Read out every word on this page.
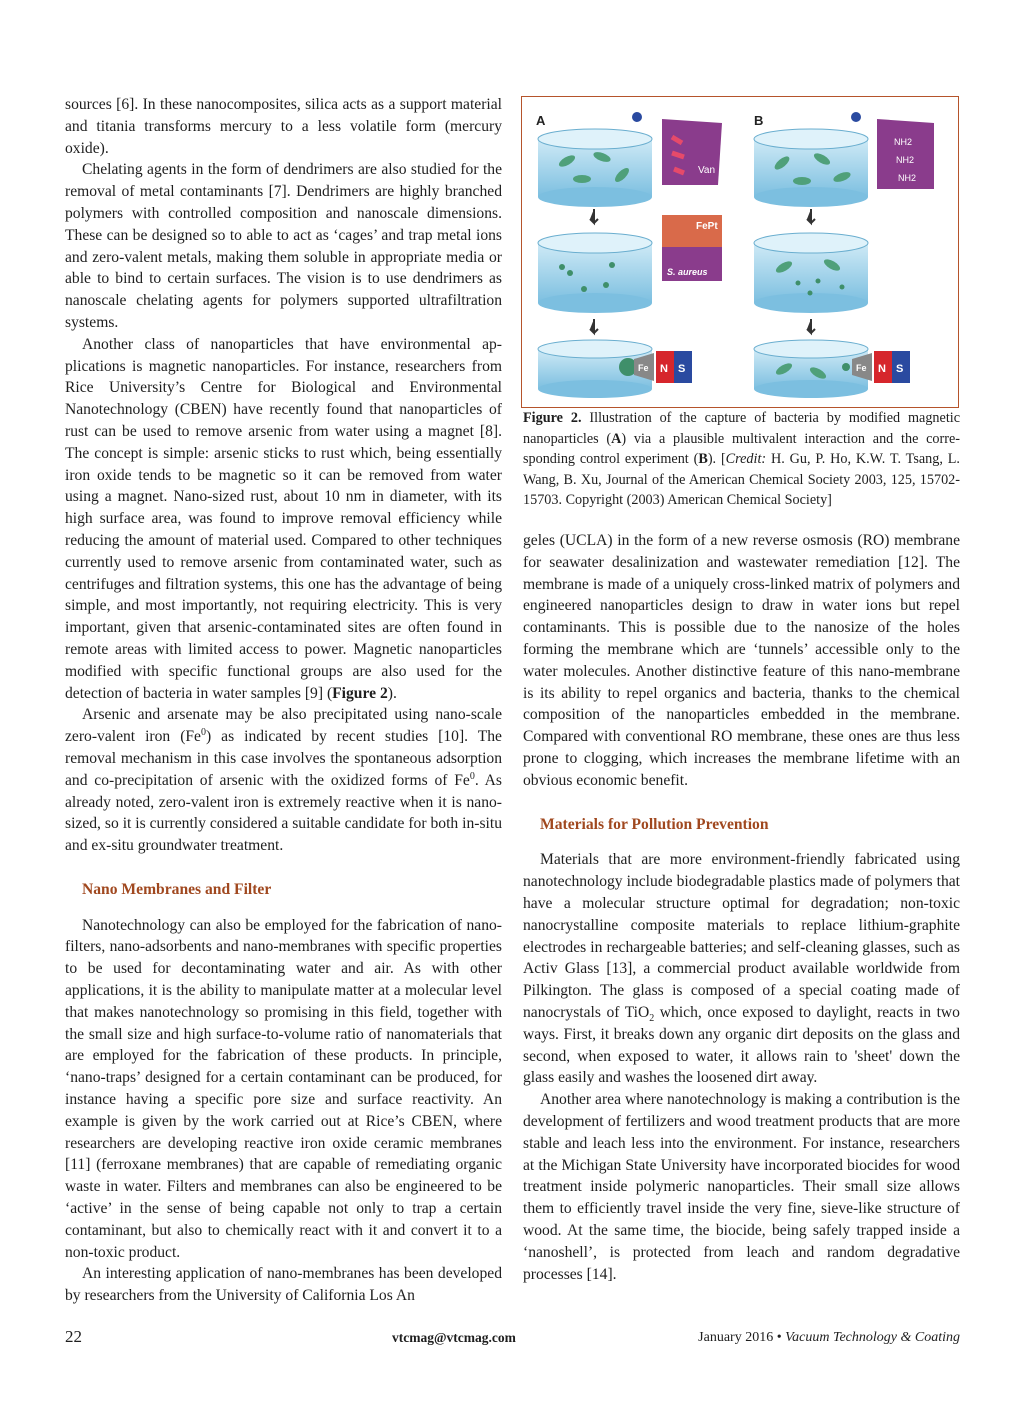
sources [6]. In these nanocomposites, silica acts as a support material and titania transforms mercury to a less volatile form (mercury oxide).

Chelating agents in the form of dendrimers are also studied for the removal of metal contaminants [7]. Dendrimers are highly branched polymers with controlled composition and nanoscale dimensions. These can be designed so to able to act as ‘cages’ and trap metal ions and zero-valent metals, making them soluble in appropriate media or able to bind to certain surfaces. The vision is to use dendrimers as nanoscale chelating agents for polymers supported ultrafiltration systems.

Another class of nanoparticles that have environmental applications is magnetic nanoparticles. For instance, researchers from Rice University’s Centre for Biological and Environmental Nanotechnology (CBEN) have recently found that nanoparticles of rust can be used to remove arsenic from water using a magnet [8]. The concept is simple: arsenic sticks to rust which, being essentially iron oxide tends to be magnetic so it can be removed from water using a magnet. Nano-sized rust, about 10 nm in diameter, with its high surface area, was found to improve removal efficiency while reducing the amount of material used. Compared to other techniques currently used to remove arsenic from contaminated water, such as centrifuges and filtration systems, this one has the advantage of being simple, and most importantly, not requiring electricity. This is very important, given that arsenic-contaminated sites are often found in remote areas with limited access to power. Magnetic nanoparticles modified with specific functional groups are also used for the detection of bacteria in water samples [9] (Figure 2).

Arsenic and arsenate may be also precipitated using nano-scale zero-valent iron (Fe$^0$) as indicated by recent studies [10]. The removal mechanism in this case involves the spontaneous adsorption and co-precipitation of arsenic with the oxidized forms of Fe$^0$. As already noted, zero-valent iron is extremely reactive when it is nano-sized, so it is currently considered a suitable candidate for both in-situ and ex-situ groundwater treatment.

Nano Membranes and Filter

Nanotechnology can also be employed for the fabrication of nano-filters, nano-adsorbents and nano-membranes with specific properties to be used for decontaminating water and air. As with other applications, it is the ability to manipulate matter at a molecular level that makes nanotechnology so promising in this field, together with the small size and high surface-to-volume ratio of nanomaterials that are employed for the fabrication of these products. In principle, ‘nano-traps’ designed for a certain contaminant can be produced, for instance having a specific pore size and surface reactivity. An example is given by the work carried out at Rice’s CBEN, where researchers are developing reactive iron oxide ceramic membranes [11] (ferroxane membranes) that are capable of remediating organic waste in water. Filters and membranes can also be engineered to be ‘active’ in the sense of being capable not only to trap a certain contaminant, but also to chemically react with it and convert it to a non-toxic product.

An interesting application of nano-membranes has been developed by researchers from the University of California Los An

A	B
Van
NH2
NH2
NH2
FePt
S. aureus
Fe N S	Fe N S
Figure 2. Illustration of the capture of bacteria by modified magnetic nanoparticles (A) via a plausible multivalent interaction and the corresponding control experiment (B). [Credit: H. Gu, P. Ho, K.W. T. Tsang, L. Wang, B. Xu, Journal of the American Chemical Society 2003, 125, 15702-15703. Copyright (2003) American Chemical Society]

geles (UCLA) in the form of a new reverse osmosis (RO) membrane for seawater desalinization and wastewater remediation [12]. The membrane is made of a uniquely cross-linked matrix of polymers and engineered nanoparticles design to draw in water ions but repel contaminants. This is possible due to the nanosize of the holes forming the membrane which are ‘tunnels’ accessible only to the water molecules. Another distinctive feature of this nano-membrane is its ability to repel organics and bacteria, thanks to the chemical composition of the nanoparticles embedded in the membrane. Compared with conventional RO membrane, these ones are thus less prone to clogging, which increases the membrane lifetime with an obvious economic benefit.

Materials for Pollution Prevention

Materials that are more environment-friendly fabricated using nanotechnology include biodegradable plastics made of polymers that have a molecular structure optimal for degradation; non-toxic nanocrystalline composite materials to replace lithium-graphite electrodes in rechargeable batteries; and self-cleaning glasses, such as Activ Glass [13], a commercial product available worldwide from Pilkington. The glass is composed of a special coating made of nanocrystals of TiO$_2$ which, once exposed to daylight, reacts in two ways. First, it breaks down any organic dirt deposits on the glass and second, when exposed to water, it allows rain to 'sheet' down the glass easily and washes the loosened dirt away.

Another area where nanotechnology is making a contribution is the development of fertilizers and wood treatment products that are more stable and leach less into the environment. For instance, researchers at the Michigan State University have incorporated biocides for wood treatment inside polymeric nanoparticles. Their small size allows them to efficiently travel inside the very fine, sieve-like structure of wood. At the same time, the biocide, being safely trapped inside a ‘nanoshell’, is protected from leach and random degradative processes [14].

22	vtcmag@vtcmag.com	January 2016 • Vacuum Technology & Coating
